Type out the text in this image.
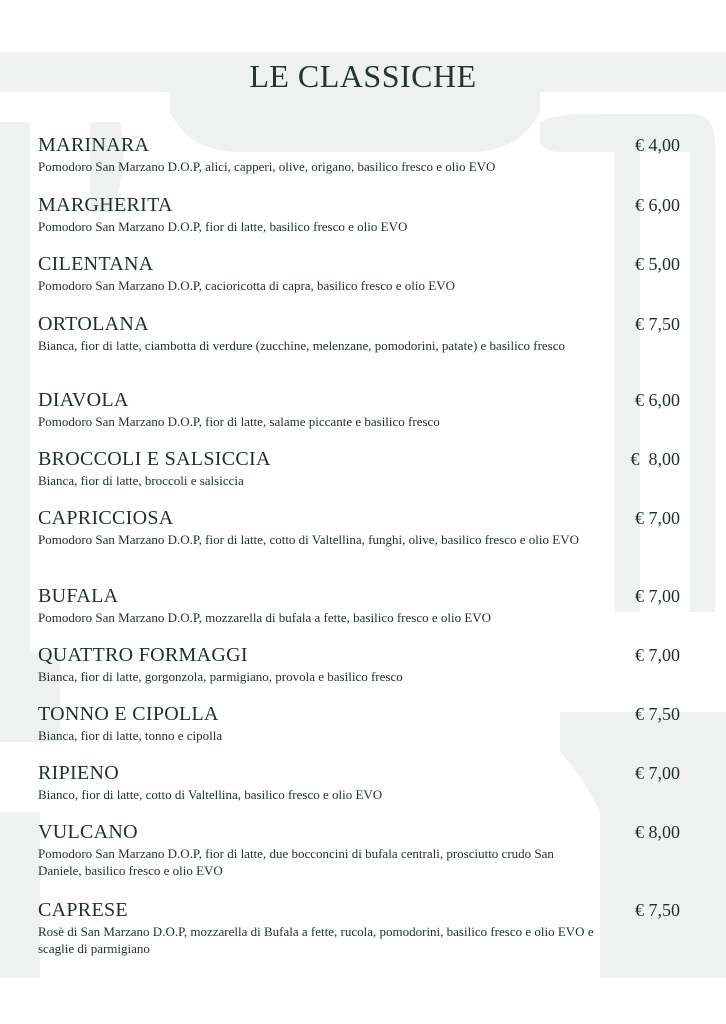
LE CLASSICHE
MARINARA
Pomodoro San Marzano D.O.P, alici, capperi, olive, origano, basilico fresco e olio EVO
€ 4,00
MARGHERITA
Pomodoro San Marzano D.O.P, fior di latte, basilico fresco e olio EVO
€ 6,00
CILENTANA
Pomodoro San Marzano D.O.P, cacioricotta di capra, basilico fresco e olio EVO
€ 5,00
ORTOLANA
Bianca, fior di latte, ciambotta di verdure (zucchine, melenzane, pomodorini, patate) e basilico fresco
€ 7,50
DIAVOLA
Pomodoro San Marzano D.O.P, fior di latte, salame piccante e basilico fresco
€ 6,00
BROCCOLI E SALSICCIA
Bianca, fior di latte, broccoli e salsiccia
€  8,00
CAPRICCIOSA
Pomodoro San Marzano D.O.P, fior di latte, cotto di Valtellina, funghi, olive, basilico fresco e olio EVO
€ 7,00
BUFALA
Pomodoro San Marzano D.O.P, mozzarella di bufala a fette, basilico fresco e olio EVO
€ 7,00
QUATTRO FORMAGGI
Bianca, fior di latte, gorgonzola, parmigiano, provola e basilico fresco
€ 7,00
TONNO E CIPOLLA
Bianca, fior di latte, tonno e cipolla
€ 7,50
RIPIENO
Bianco, fior di latte, cotto di Valtellina, basilico fresco e olio EVO
€ 7,00
VULCANO
Pomodoro San Marzano D.O.P, fior di latte, due bocconcini di bufala centrali, prosciutto crudo San Daniele, basilico fresco e olio EVO
€ 8,00
CAPRESE
Rosè di San Marzano D.O.P, mozzarella di Bufala a fette, rucola, pomodorini, basilico fresco e olio EVO e scaglie di parmigiano
€ 7,50
